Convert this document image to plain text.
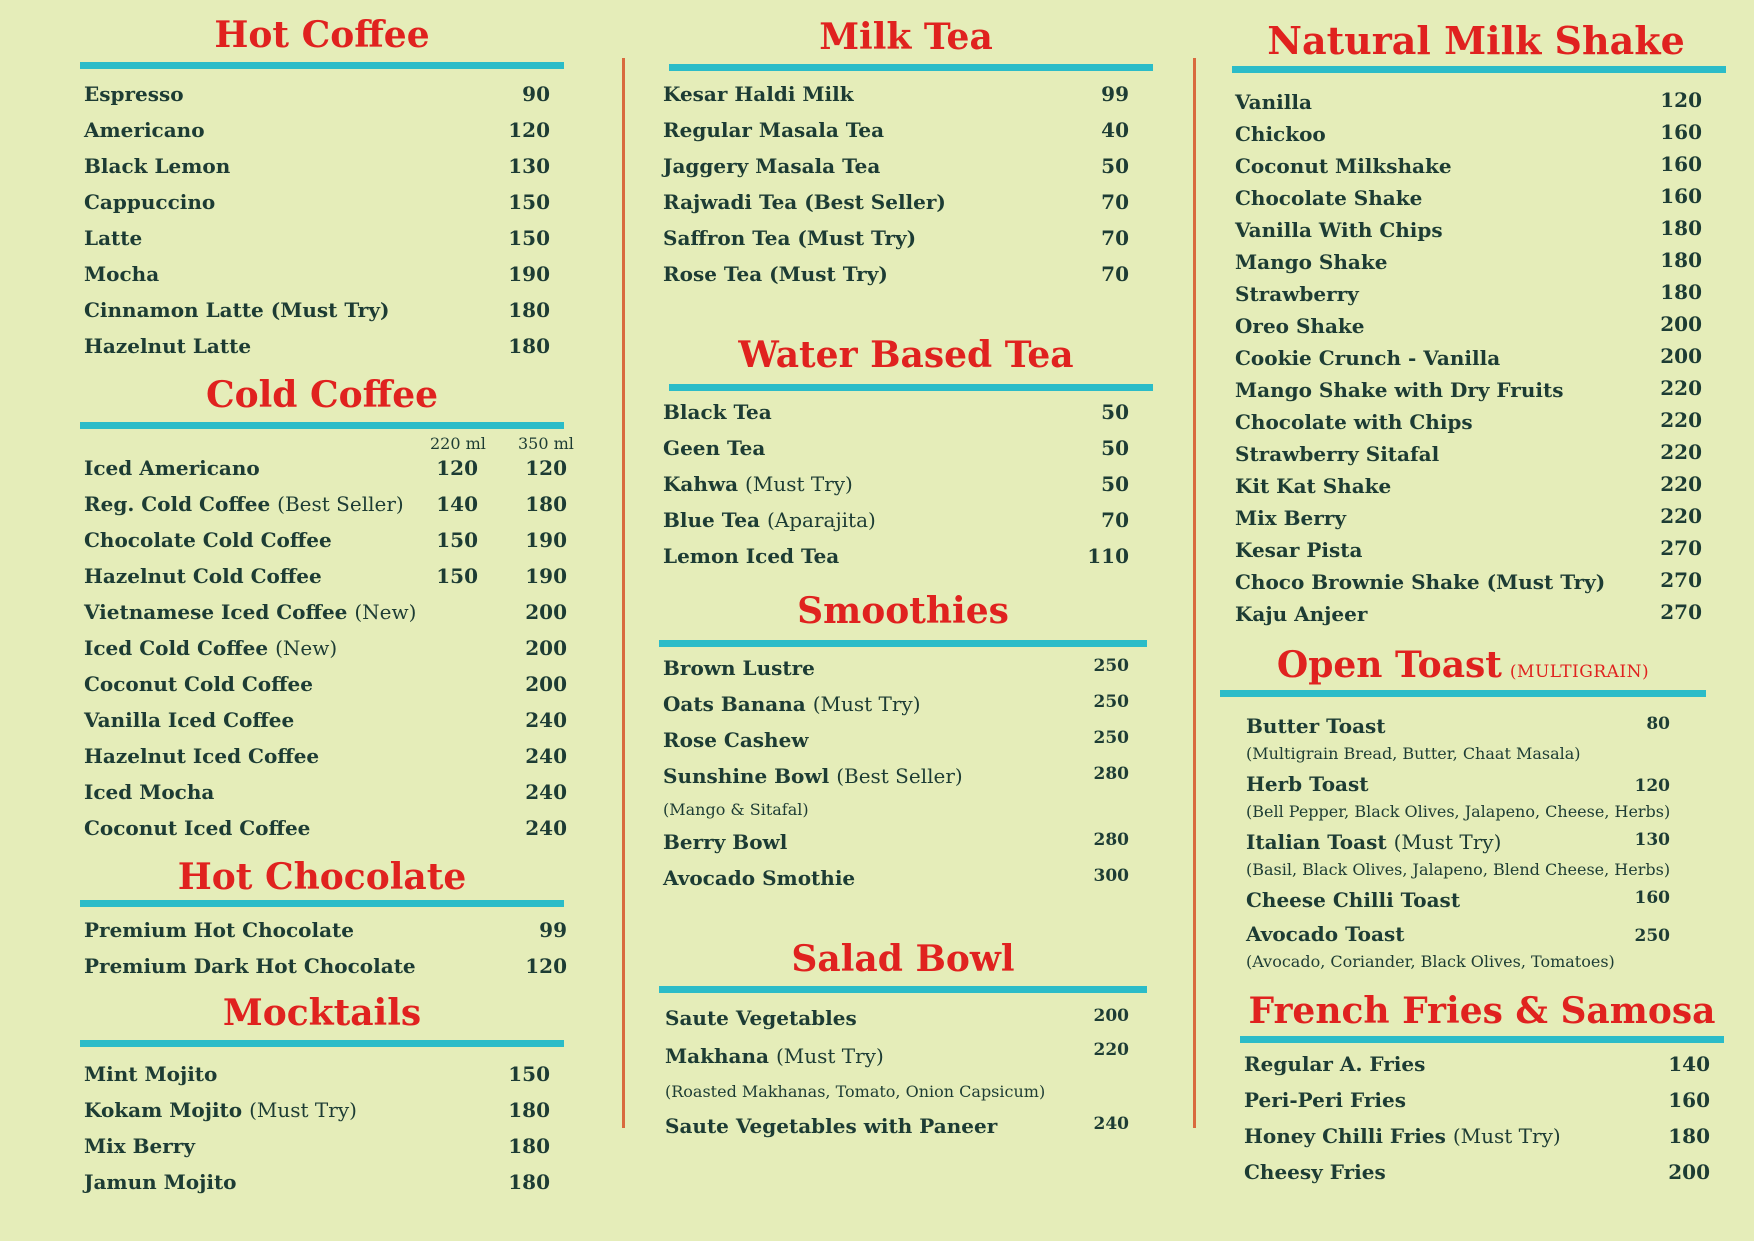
Hot Coffee
Espresso	90
Americano	120
Black Lemon	130
Cappuccino	150
Latte	150
Mocha	190
Cinnamon Latte (Must Try)	180
Hazelnut Latte	180
Cold Coffee
220 ml 350 ml
Iced Americano	120	120
Reg. Cold Coffee (Best Seller)	140	180
Chocolate Cold Coffee	150	190
Hazelnut Cold Coffee	150	190
Vietnamese Iced Coffee (New)	200
Iced Cold Coffee (New)	200
Coconut Cold Coffee	200
Vanilla Iced Coffee	240
Hazelnut Iced Coffee	240
Iced Mocha	240
Coconut Iced Coffee	240
Hot Chocolate
Premium Hot Chocolate	99
Premium Dark Hot Chocolate	120
Mocktails
Mint Mojito	150
Kokam Mojito (Must Try)	180
Mix Berry	180
Jamun Mojito	180
Milk Tea
Kesar Haldi Milk	99
Regular Masala Tea	40
Jaggery Masala Tea	50
Rajwadi Tea (Best Seller)	70
Saffron Tea (Must Try)	70
Rose Tea (Must Try)	70
Water Based Tea
Black Tea	50
Geen Tea	50
Kahwa (Must Try)	50
Blue Tea (Aparajita)	70
Lemon Iced Tea	110
Smoothies
Brown Lustre	250
Oats Banana (Must Try)	250
Rose Cashew	250
Sunshine Bowl (Best Seller)	280
(Mango & Sitafal)
Berry Bowl	280
Avocado Smothie	300
Salad Bowl
Saute Vegetables	200
Makhana (Must Try)	220
(Roasted Makhanas, Tomato, Onion Capsicum)
Saute Vegetables with Paneer	240
Natural Milk Shake
Vanilla	120
Chickoo	160
Coconut Milkshake	160
Chocolate Shake	160
Vanilla With Chips	180
Mango Shake	180
Strawberry	180
Oreo Shake	200
Cookie Crunch - Vanilla	200
Mango Shake with Dry Fruits	220
Chocolate with Chips	220
Strawberry Sitafal	220
Kit Kat Shake	220
Mix Berry	220
Kesar Pista	270
Choco Brownie Shake (Must Try)	270
Kaju Anjeer	270
Open Toast (MULTIGRAIN)
Butter Toast	80
(Multigrain Bread, Butter, Chaat Masala)
Herb Toast	120
(Bell Pepper, Black Olives, Jalapeno, Cheese, Herbs)
Italian Toast (Must Try)	130
(Basil, Black Olives, Jalapeno, Blend Cheese, Herbs)
Cheese Chilli Toast	160
Avocado Toast	250
(Avocado, Coriander, Black Olives, Tomatoes)
French Fries & Samosa
Regular A. Fries	140
Peri-Peri Fries	160
Honey Chilli Fries (Must Try)	180
Cheesy Fries	200
